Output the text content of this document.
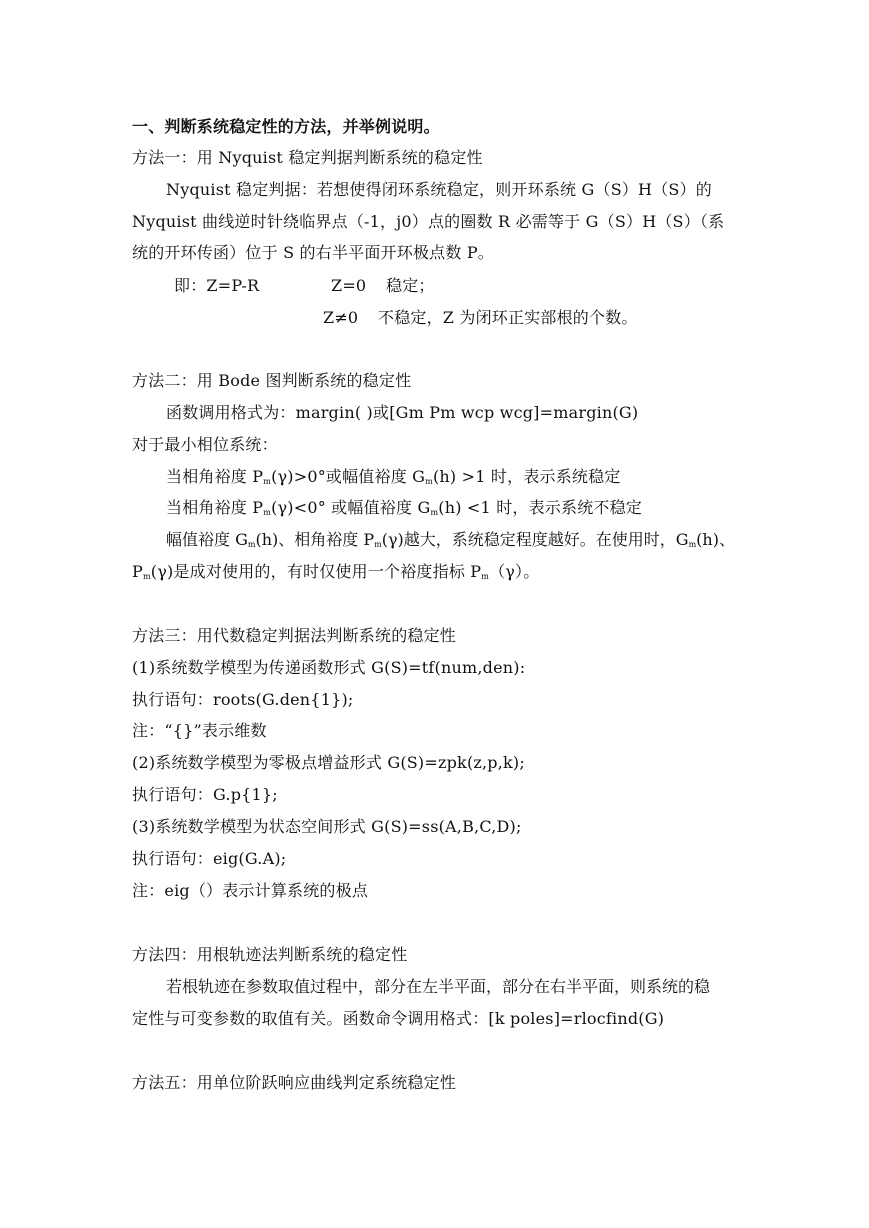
一、判断系统稳定性的方法，并举例说明。
方法一：用 Nyquist 稳定判据判断系统的稳定性
Nyquist 稳定判据：若想使得闭环系统稳定，则开环系统 G（S）H（S）的
Nyquist 曲线逆时针绕临界点（-1，j0）点的圈数 R 必需等于 G（S）H（S）（系
统的开环传函）位于 S 的右半平面开环极点数 P。
即：Z=P-R	Z=0 稳定；
Z≠0 不稳定，Z 为闭环正实部根的个数。
方法二：用 Bode 图判断系统的稳定性
函数调用格式为：margin( )或[Gm Pm wcp wcg]=margin(G)
对于最小相位系统：
当相角裕度 $P_m(\gamma)>0^\circ$或幅值裕度 $G_m(h) >1$ 时，表示系统稳定
当相角裕度 $P_m(\gamma)<0^\circ$ 或幅值裕度 $G_m(h) <1$ 时，表示系统不稳定
幅值裕度 $G_m(h)$、相角裕度 $P_m(\gamma)$越大，系统稳定程度越好。在使用时，$G_m(h)$、
$P_m(\gamma)$是成对使用的，有时仅使用一个裕度指标 $P_m(\gamma)$。
方法三：用代数稳定判据法判断系统的稳定性
(1)系统数学模型为传递函数形式 G(S)=tf(num,den):
执行语句：roots(G.den{1});
注：“{}”表示维数
(2)系统数学模型为零极点增益形式 G(S)=zpk(z,p,k);
执行语句：G.p{1};
(3)系统数学模型为状态空间形式 G(S)=ss(A,B,C,D);
执行语句：eig(G.A);
注：eig（）表示计算系统的极点
方法四：用根轨迹法判断系统的稳定性
若根轨迹在参数取值过程中，部分在左半平面，部分在右半平面，则系统的稳
定性与可变参数的取值有关。函数命令调用格式：[k poles]=rlocfind(G)
方法五：用单位阶跃响应曲线判定系统稳定性
